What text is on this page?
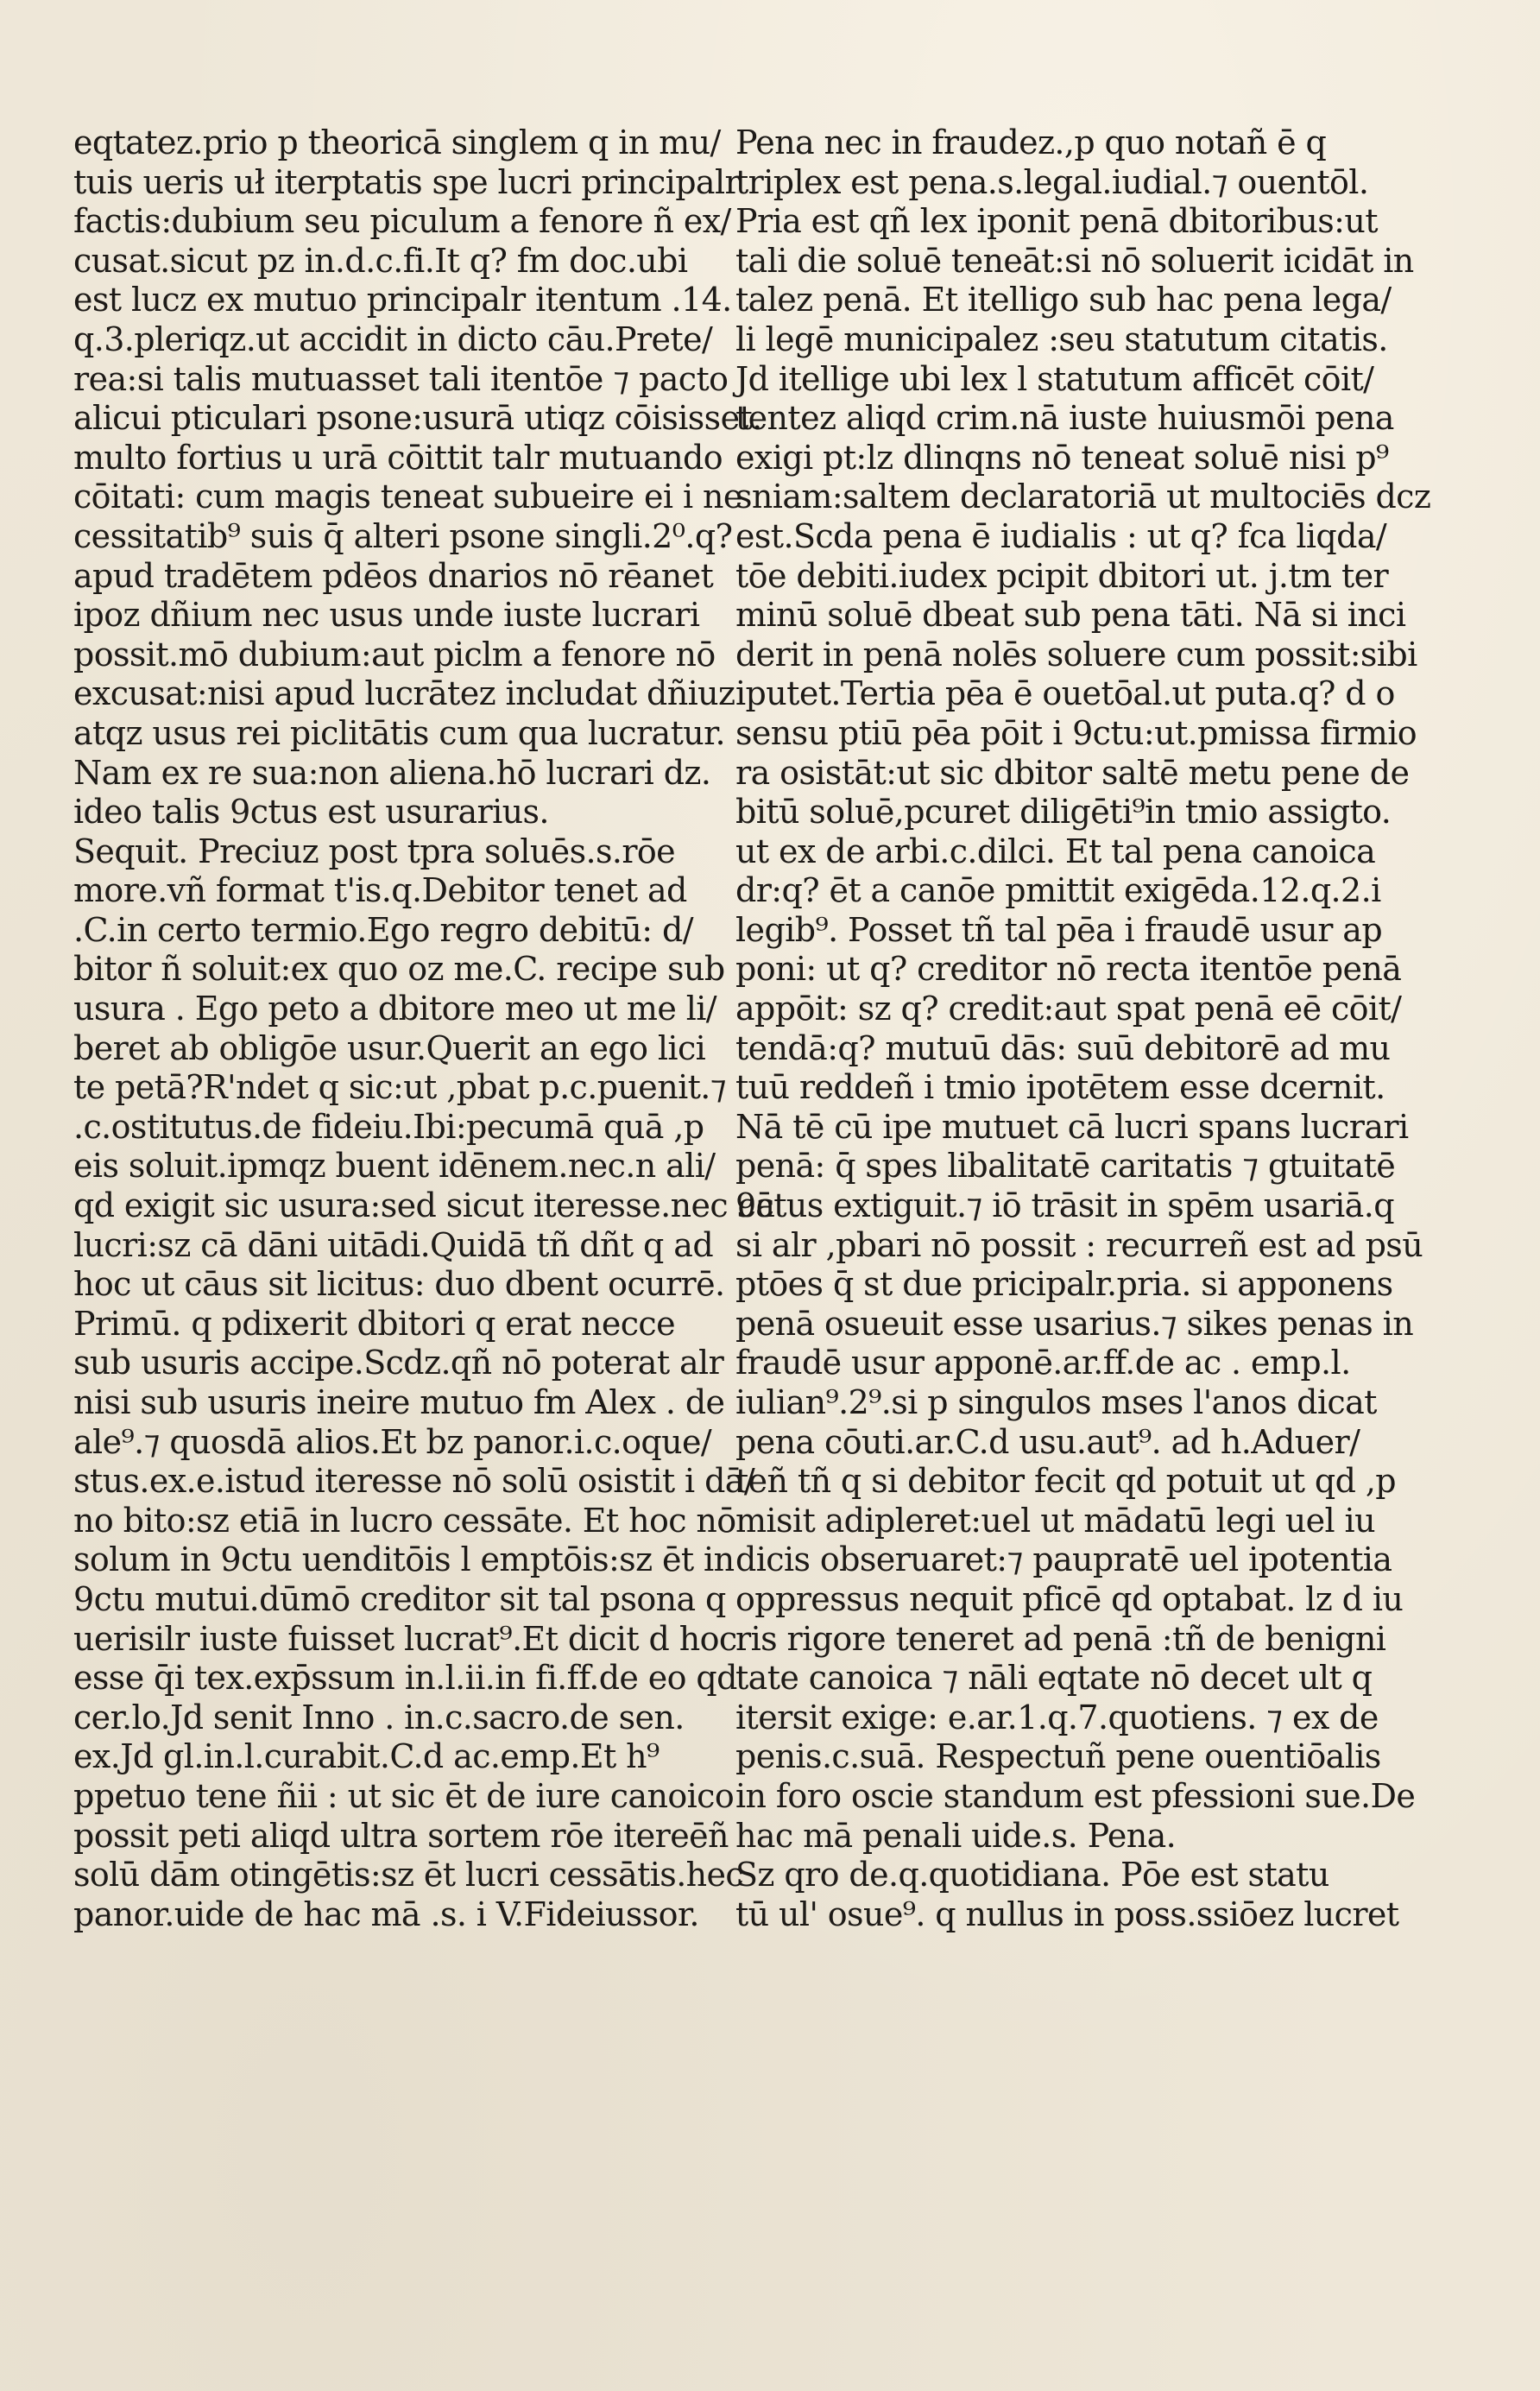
eqtatez.prio p theoricā singlem q in mu/
tuis ueris uł iterptatis spe lucri principalr
factis:dubium seu piculum a fenore ñ ex/
cusat.sicut pz in.d.c.fi.It q? fm doc.ubi
est lucz ex mutuo principalr itentum .14.
q.3.pleriqz.ut accidit in dicto cāu.Prete/
rea:si talis mutuasset tali itentōe ⁊ pacto
alicui pticulari psone:usurā utiqz cōisisset.
multo fortius u urā cōittit talr mutuando
cōitati: cum magis teneat subueire ei i ne
cessitatib⁹ suis q̄ alteri psone singli.2⁰.q?
apud tradētem pdēos dnarios nō rēanet
ipoz dñium nec usus unde iuste lucrari
possit.mō dubium:aut piclm a fenore nō
excusat:nisi apud lucrātez includat dñiuz
atqz usus rei piclitātis cum qua lucratur.
Nam ex re sua:non aliena.hō lucrari dz.
ideo talis 9ctus est usurarius.
Sequit. Preciuz post tpra soluēs.s.rōe
more.vñ format t'is.q.Debitor tenet ad
.C.in certo termio.Ego regro debitū: d/
bitor ñ soluit:ex quo oz me.C. recipe sub
usura . Ego peto a dbitore meo ut me li/
beret ab obligōe usur.Querit an ego lici
te petā?R'ndet q sic:ut ,pbat p.c.puenit.⁊
.c.ostitutus.de fideiu.Ibi:pecumā quā ,p
eis soluit.ipmqz buent idēnem.nec.n ali/
qd exigit sic usura:sed sicut iteresse.nec cā
lucri:sz cā dāni uitādi.Quidā tñ dñt q ad
hoc ut cāus sit licitus: duo dbent ocurrē.
Primū. q pdixerit dbitori q erat necce
sub usuris accipe.Scdz.qñ nō poterat alr
nisi sub usuris ineire mutuo fm Alex . de
ale⁹.⁊ quosdā alios.Et bz panor.i.c.oque/
stus.ex.e.istud iteresse nō solū osistit i dā/
no bito:sz etiā in lucro cessāte. Et hoc nō
solum in 9ctu uenditōis l emptōis:sz ēt in
9ctu mutui.dūmō creditor sit tal psona q
uerisilr iuste fuisset lucrat⁹.Et dicit d hoc
esse q̄i tex.exp̄ssum in.l.ii.in fi.ff.de eo qd
cer.lo.Jd senit Inno . in.c.sacro.de sen.
ex.Jd gl.in.l.curabit.C.d ac.emp.Et h⁹
ppetuo tene ñii : ut sic ēt de iure canoico
possit peti aliqd ultra sortem rōe itereēñ
solū dām otingētis:sz ēt lucri cessātis.hec
panor.uide de hac mā .s. i V.Fideiussor.
Pena nec in fraudez.,p quo notañ ē q
triplex est pena.s.legal.iudial.⁊ ouentōl.
Pria est qñ lex iponit penā dbitoribus:ut
tali die soluē teneāt:si nō soluerit icidāt in
talez penā. Et itelligo sub hac pena lega/
li legē municipalez :seu statutum citatis.
Jd itellige ubi lex l statutum afficēt cōit/
tentez aliqd crim.nā iuste huiusmōi pena
exigi pt:lz dlinqns nō teneat soluē nisi p⁹
sniam:saltem declaratoriā ut multociēs dcz
est.Scda pena ē iudialis : ut q? fca liqda/
tōe debiti.iudex pcipit dbitori ut. j.tm ter
minū soluē dbeat sub pena tāti. Nā si inci
derit in penā nolēs soluere cum possit:sibi
iputet.Tertia pēa ē ouetōal.ut puta.q? d o
sensu ptiū pēa pōit i 9ctu:ut.pmissa firmio
ra osistāt:ut sic dbitor saltē metu pene de
bitū soluē,pcuret diligēti⁹in tmio assigto.
ut ex de arbi.c.dilci. Et tal pena canoica
dr:q? ēt a canōe pmittit exigēda.12.q.2.i
legib⁹. Posset tñ tal pēa i fraudē usur ap
poni: ut q? creditor nō recta itentōe penā
appōit: sz q? credit:aut spat penā eē cōit/
tendā:q? mutuū dās: suū debitorē ad mu
tuū reddeñ i tmio ipotētem esse dcernit.
Nā tē cū ipe mutuet cā lucri spans lucrari
penā: q̄ spes libalitatē caritatis ⁊ gtuitatē
9ctus extiguit.⁊ iō trāsit in spēm usariā.q
si alr ,pbari nō possit : recurreñ est ad psū
ptōes q̄ st due pricipalr.pria. si apponens
penā osueuit esse usarius.⁊ sikes penas in
fraudē usur apponē.ar.ff.de ac . emp.l.
iulian⁹.2⁹.si p singulos mses l'anos dicat
pena cōuti.ar.C.d usu.aut⁹. ad h.Aduer/
teñ tñ q si debitor fecit qd potuit ut qd ,p
misit adipleret:uel ut mādatū legi uel iu
dicis obseruaret:⁊ paupratē uel ipotentia
oppressus nequit pficē qd optabat. lz d iu
ris rigore teneret ad penā :tñ de benigni
tate canoica ⁊ nāli eqtate nō decet ult q
itersit exige: e.ar.1.q.7.quotiens. ⁊ ex de
penis.c.suā. Respectuñ pene ouentiōalis
in foro oscie standum est pfessioni sue.De
hac mā penali uide.s. Pena.
Sz qro de.q.quotidiana. Pōe est statu
tū ul' osue⁹. q nullus in poss.ssiōez lucret
